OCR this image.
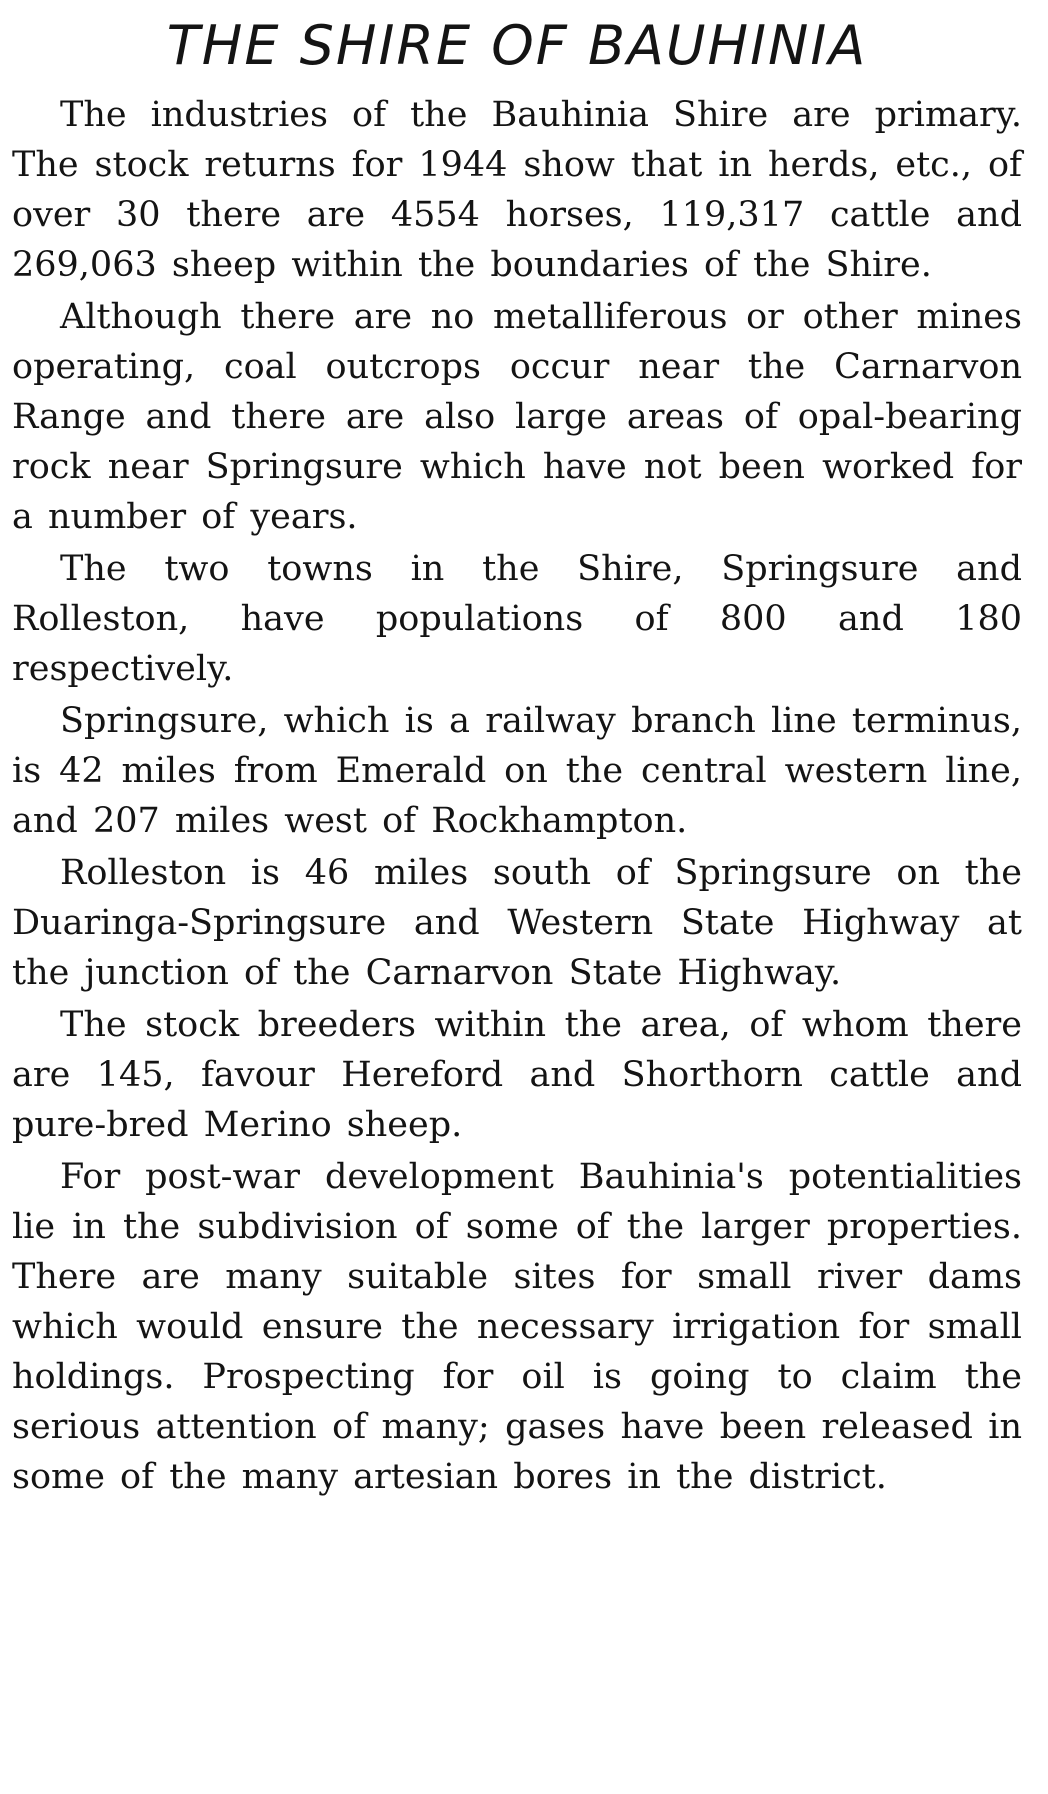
THE SHIRE OF BAUHINIA

The industries of the Bauhinia Shire are primary. The stock returns for 1944 show that in herds, etc., of over 30 there are 4554 horses, 119,317 cattle and 269,063 sheep within the boundaries of the Shire.

Although there are no metalliferous or other mines operating, coal outcrops occur near the Carnarvon Range and there are also large areas of opal-bearing rock near Springsure which have not been worked for a number of years.

The two towns in the Shire, Springsure and Rolleston, have populations of 800 and 180 respectively.

Springsure, which is a railway branch line terminus, is 42 miles from Emerald on the central western line, and 207 miles west of Rockhampton.

Rolleston is 46 miles south of Springsure on the Duaringa-Springsure and Western State Highway at the junction of the Carnarvon State Highway.

The stock breeders within the area, of whom there are 145, favour Hereford and Shorthorn cattle and pure-bred Merino sheep.

For post-war development Bauhinia's potentialities lie in the subdivision of some of the larger properties. There are many suitable sites for small river dams which would ensure the necessary irrigation for small holdings. Prospecting for oil is going to claim the serious attention of many; gases have been released in some of the many artesian bores in the district.
